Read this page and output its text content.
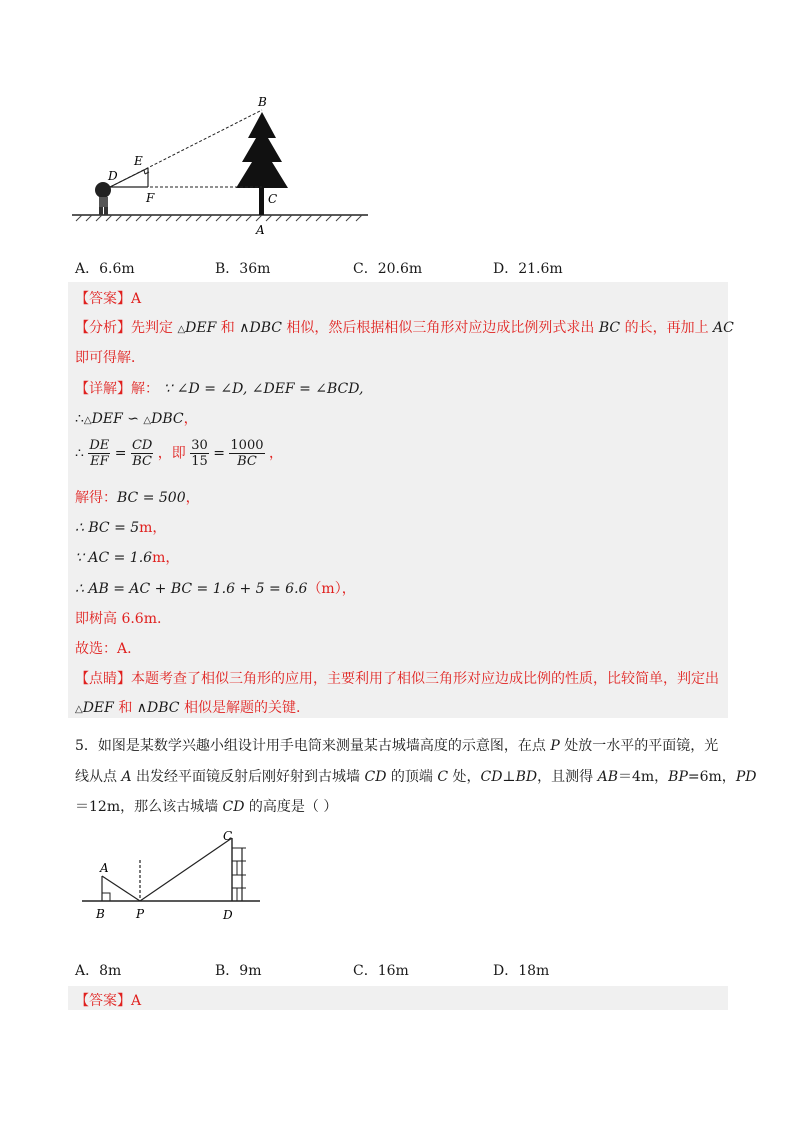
B
E
D
F	C
A
A．6.6m	B．36m	C．20.6m	D．21.6m
【答案】A
【分析】先判定 △DEF 和 ∧DBC 相似，然后根据相似三角形对应边成比例列式求出 BC 的长，再加上 AC
即可得解．
【详解】解： ∵ ∠D = ∠D, ∠DEF = ∠BCD,
∴△DEF ∽ △DBC，
∴ $\frac{DE}{EF} = \frac{CD}{BC}$ ，即 $\frac{30}{15} = \frac{1000}{BC}$ ，
解得：BC = 500，
∴ BC = 5m，
∵ AC = 1.6m，
∴ AB = AC + BC = 1.6 + 5 = 6.6（m），
即树高 6.6m.
故选：A.
【点睛】本题考查了相似三角形的应用，主要利用了相似三角形对应边成比例的性质，比较简单，判定出
△DEF 和 ∧DBC 相似是解题的关键.
5．如图是某数学兴趣小组设计用手电筒来测量某古城墙高度的示意图，在点 P 处放一水平的平面镜，光
线从点 A 出发经平面镜反射后刚好射到古城墙 CD 的顶端 C 处，CD⊥BD，且测得 AB＝4m，BP=6m，PD
＝12m，那么该古城墙 CD 的高度是（ ）
A
B	P
C
D
A．8m	B．9m	C．16m	D．18m
【答案】A
